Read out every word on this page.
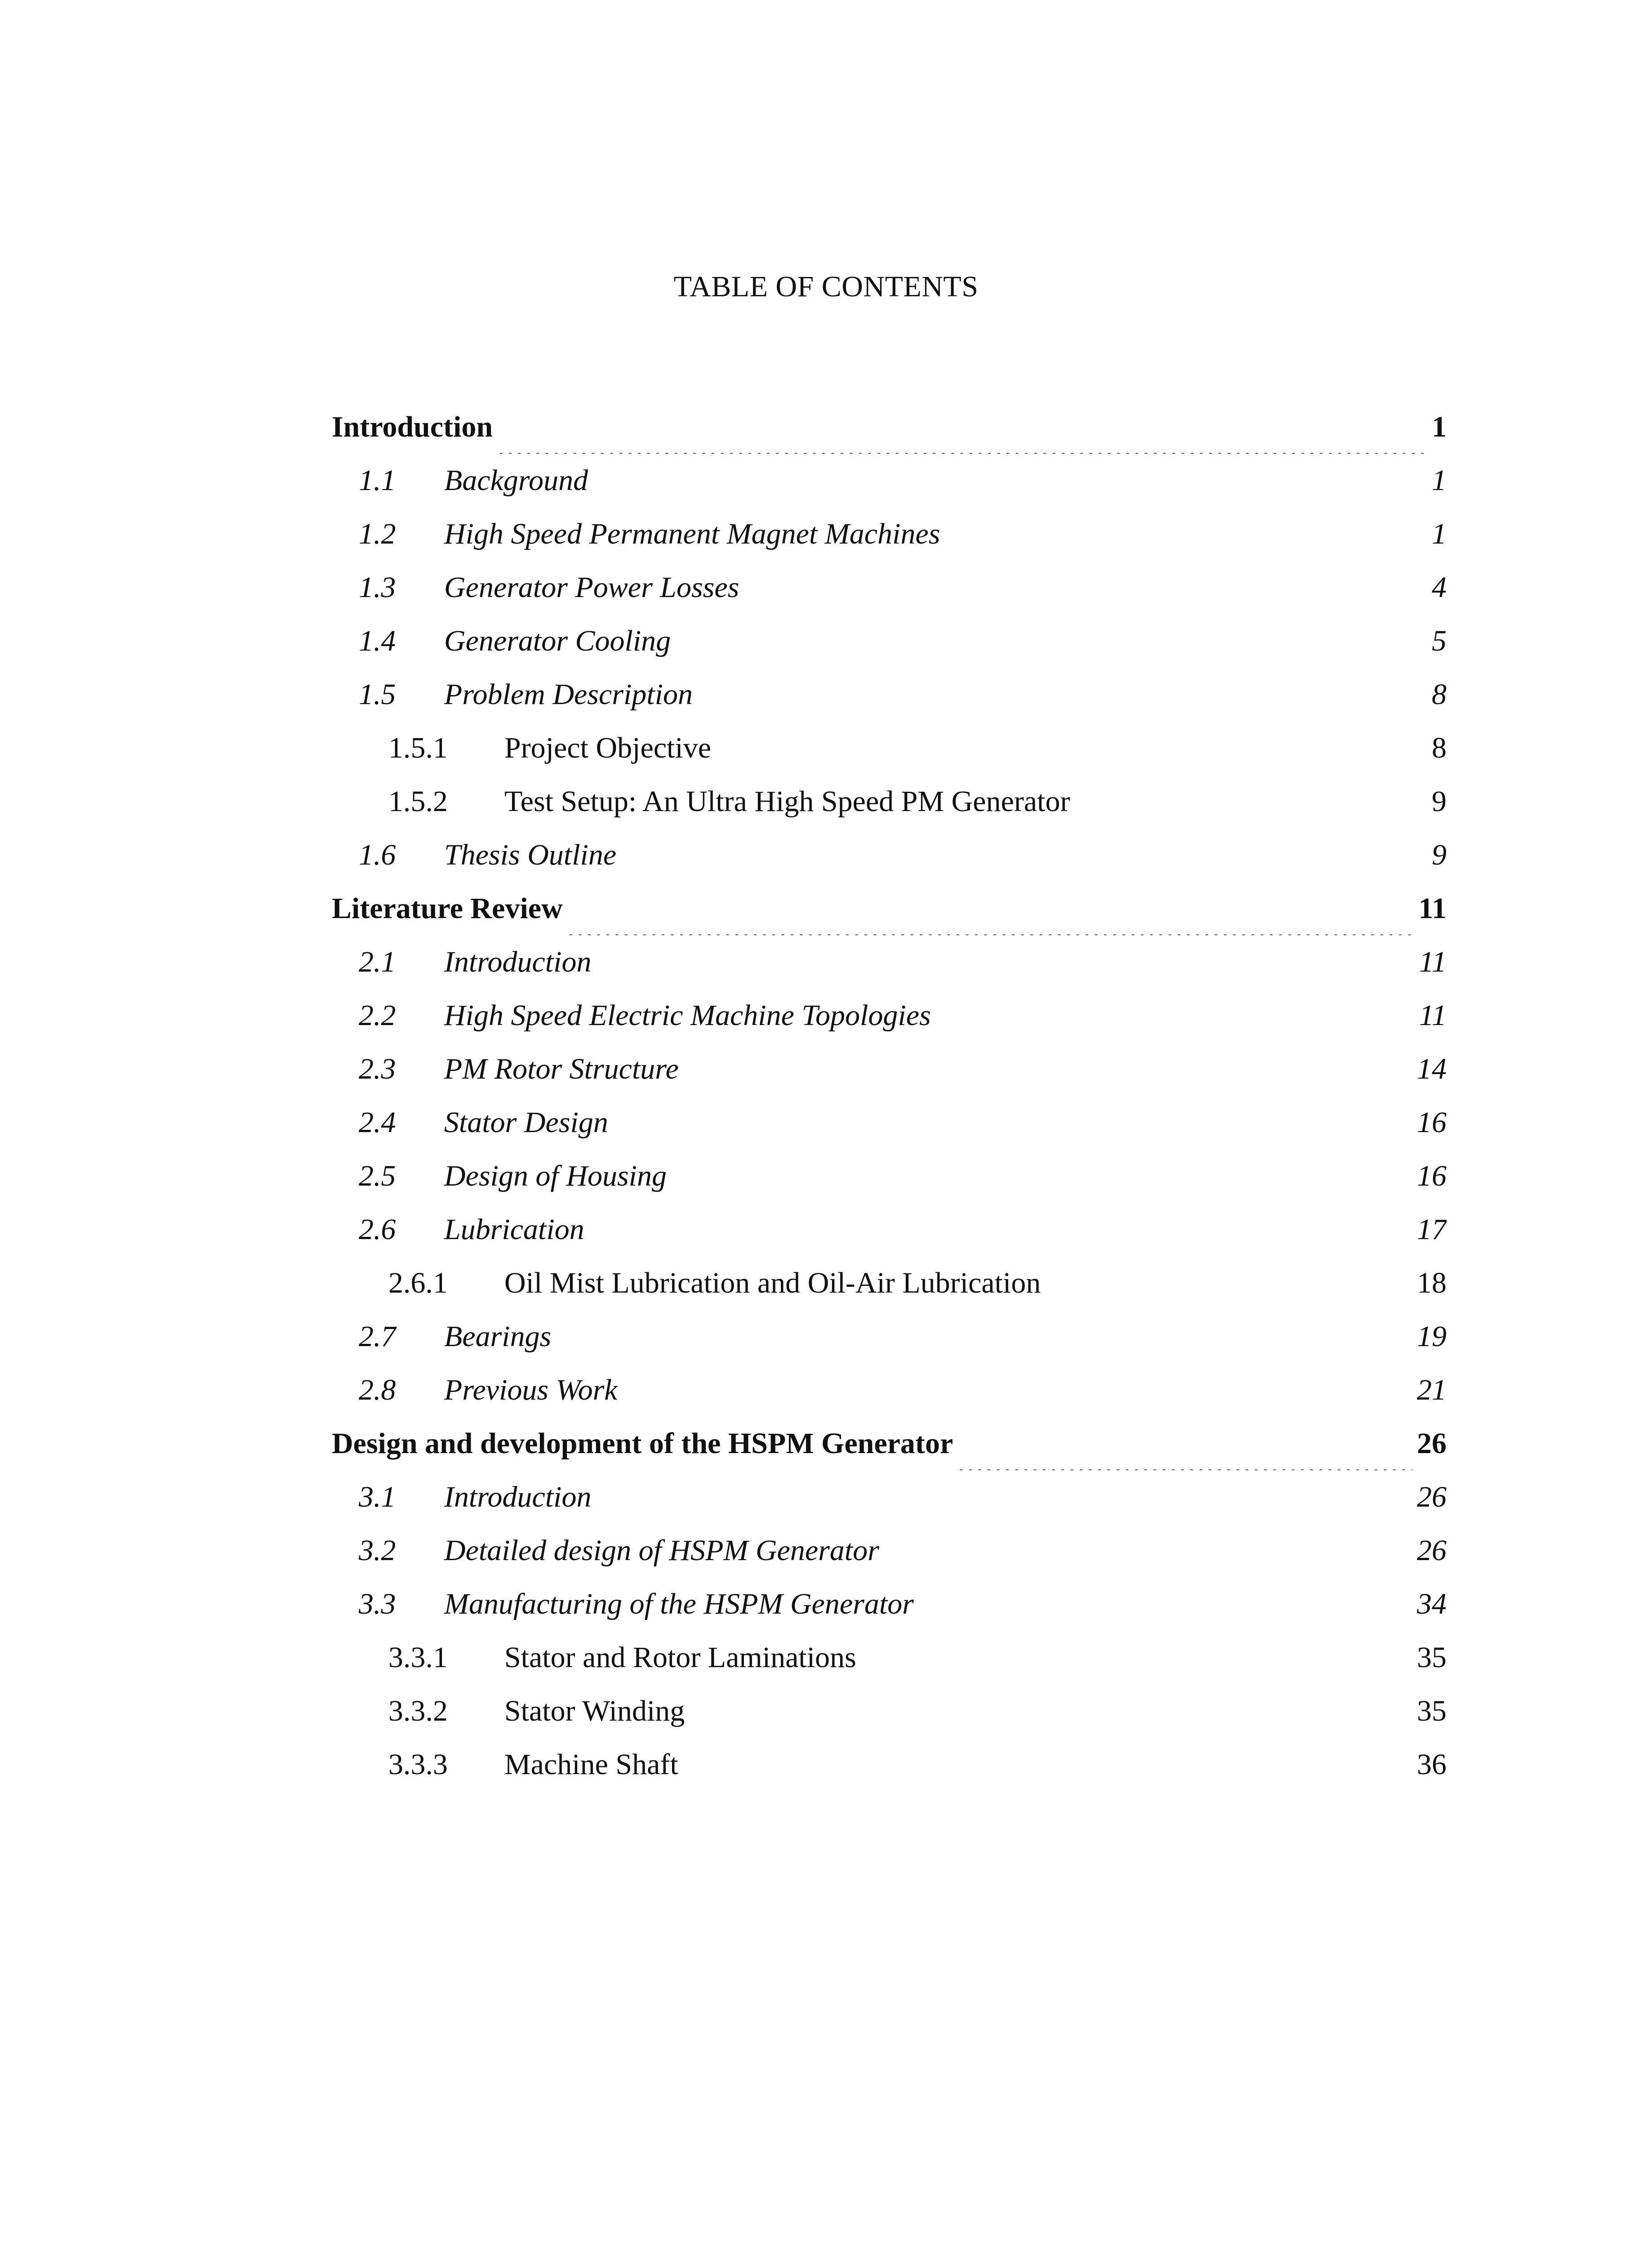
TABLE OF CONTENTS
Introduction .....	1
1.1	Background .....	1
1.2	High Speed Permanent Magnet Machines .....	1
1.3	Generator Power Losses .....	4
1.4	Generator Cooling .....	5
1.5	Problem Description .....	8
1.5.1	Project Objective .....	8
1.5.2	Test Setup: An Ultra High Speed PM Generator .....	9
1.6	Thesis Outline .....	9
Literature Review .....	11
2.1	Introduction .....	11
2.2	High Speed Electric Machine Topologies .....	11
2.3	PM Rotor Structure .....	14
2.4	Stator Design .....	16
2.5	Design of Housing .....	16
2.6	Lubrication .....	17
2.6.1	Oil Mist Lubrication and Oil-Air Lubrication .....	18
2.7	Bearings .....	19
2.8	Previous Work .....	21
Design and development of the HSPM Generator .....	26
3.1	Introduction .....	26
3.2	Detailed design of HSPM Generator .....	26
3.3	Manufacturing of the HSPM Generator .....	34
3.3.1	Stator and Rotor Laminations .....	35
3.3.2	Stator Winding .....	35
3.3.3	Machine Shaft .....	36
